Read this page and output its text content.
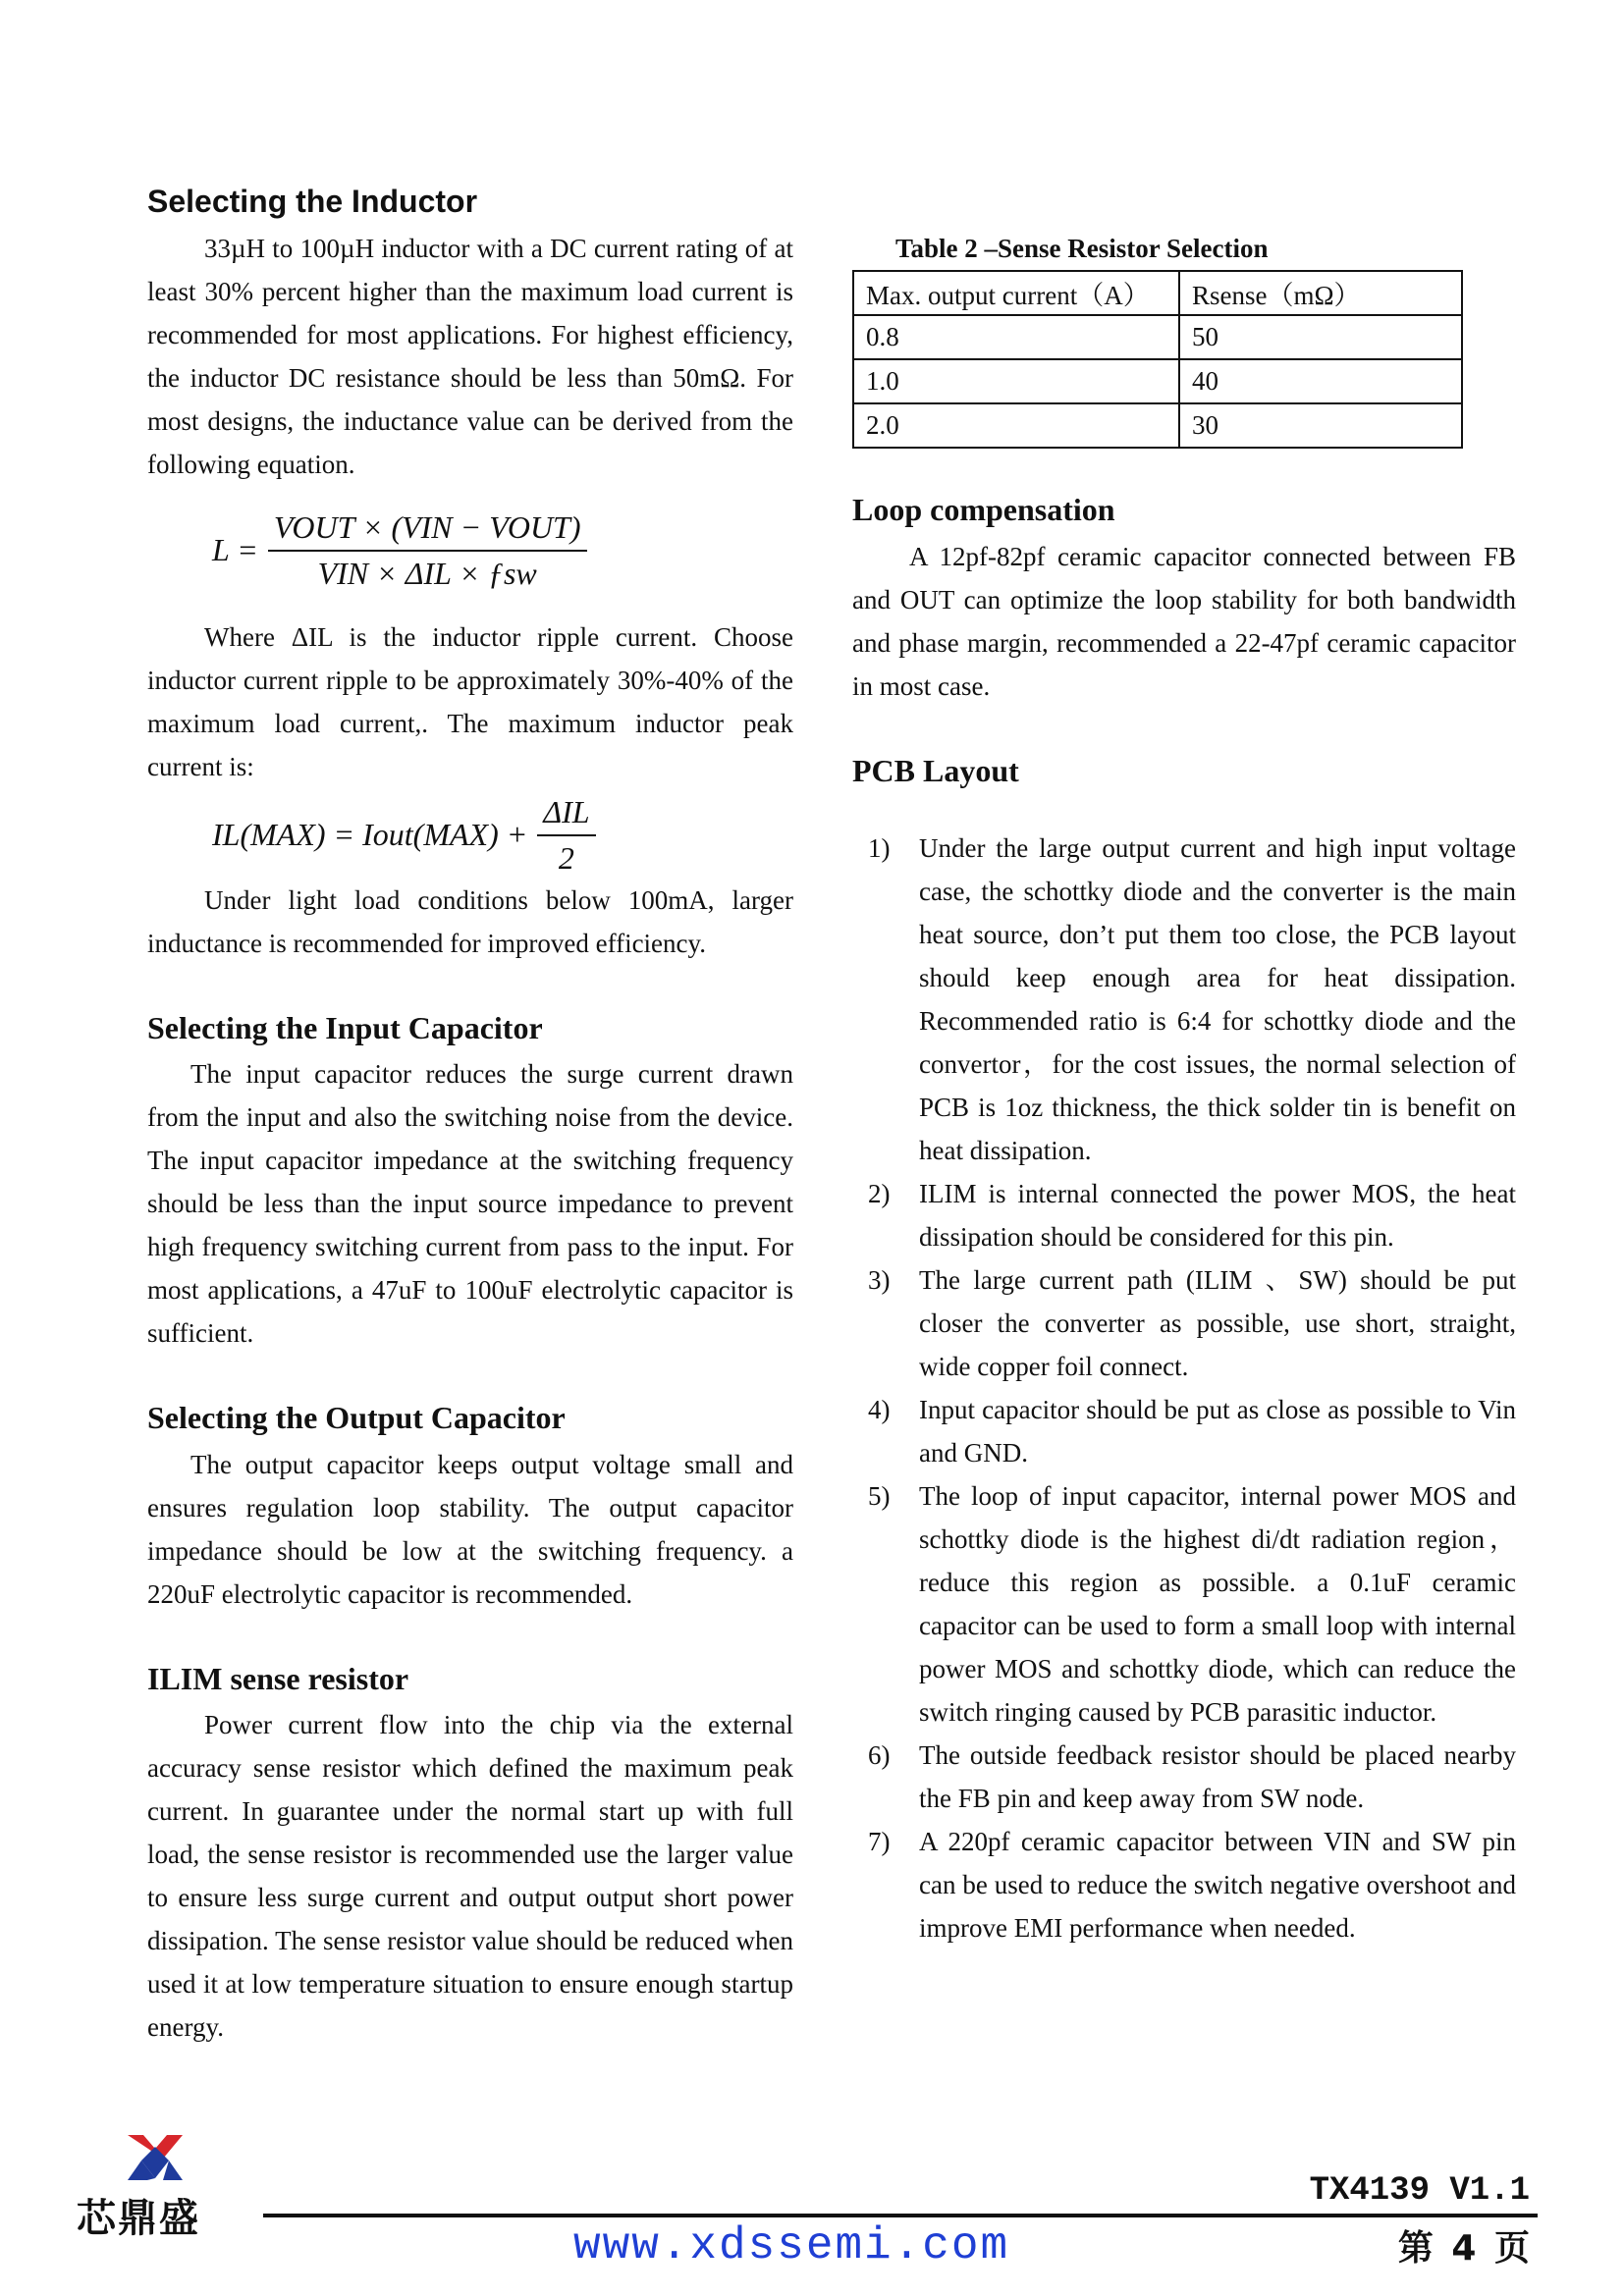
Selecting the Inductor

33µH to 100µH inductor with a DC current rating of at least 30% percent higher than the maximum load current is recommended for most applications. For highest efficiency, the inductor DC resistance should be less than 50mΩ. For most designs, the inductance value can be derived from the following equation.

$L = \frac{\text{VOUT × (VIN − VOUT)}}{\text{VIN × ΔIL × ƒsw}}$

Where ΔIL is the inductor ripple current. Choose inductor current ripple to be approximately 30%-40% of the maximum load current,. The maximum inductor peak current is:

IL(MAX) = Iout(MAX) + $\frac{\text{ΔIL}}{2}$

Under light load conditions below 100mA, larger inductance is recommended for improved efficiency.

Selecting the Input Capacitor

The input capacitor reduces the surge current drawn from the input and also the switching noise from the device. The input capacitor impedance at the switching frequency should be less than the input source impedance to prevent high frequency switching current from pass to the input. For most applications, a 47uF to 100uF electrolytic capacitor is sufficient.

Selecting the Output Capacitor

The output capacitor keeps output voltage small and ensures regulation loop stability. The output capacitor impedance should be low at the switching frequency. a 220uF electrolytic capacitor is recommended.

ILIM sense resistor

Power current flow into the chip via the external accuracy sense resistor which defined the maximum peak current. In guarantee under the normal start up with full load, the sense resistor is recommended use the larger value to ensure less surge current and output output short power dissipation. The sense resistor value should be reduced when used it at low temperature situation to ensure enough startup energy.

Table 2 –Sense Resistor Selection
Max. output current（A）	Rsense（mΩ）
0.8	50
1.0	40
2.0	30
Loop compensation

A 12pf-82pf ceramic capacitor connected between FB and OUT can optimize the loop stability for both bandwidth and phase margin, recommended a 22-47pf ceramic capacitor in most case.

PCB Layout
1) Under the large output current and high input voltage case, the schottky diode and the converter is the main heat source, don’t put them too close, the PCB layout should keep enough area for heat dissipation. Recommended ratio is 6:4 for schottky diode and the convertor，for the cost issues, the normal selection of PCB is 1oz thickness, the thick solder tin is benefit on heat dissipation.
2) ILIM is internal connected the power MOS, the heat dissipation should be considered for this pin.
3) The large current path (ILIM 、SW) should be put closer the converter as possible, use short, straight, wide copper foil connect.
4) Input capacitor should be put as close as possible to Vin and GND.
5) The loop of input capacitor, internal power MOS and schottky diode is the highest di/dt radiation region，reduce this region as possible. a 0.1uF ceramic capacitor can be used to form a small loop with internal power MOS and schottky diode, which can reduce the switch ringing caused by PCB parasitic inductor.
6) The outside feedback resistor should be placed nearby the FB pin and keep away from SW node.
7) A 220pf ceramic capacitor between VIN and SW pin can be used to reduce the switch negative overshoot and improve EMI performance when needed.
芯鼎盛
TX4139 V1.1
www.xdssemi.com	第 4 页
